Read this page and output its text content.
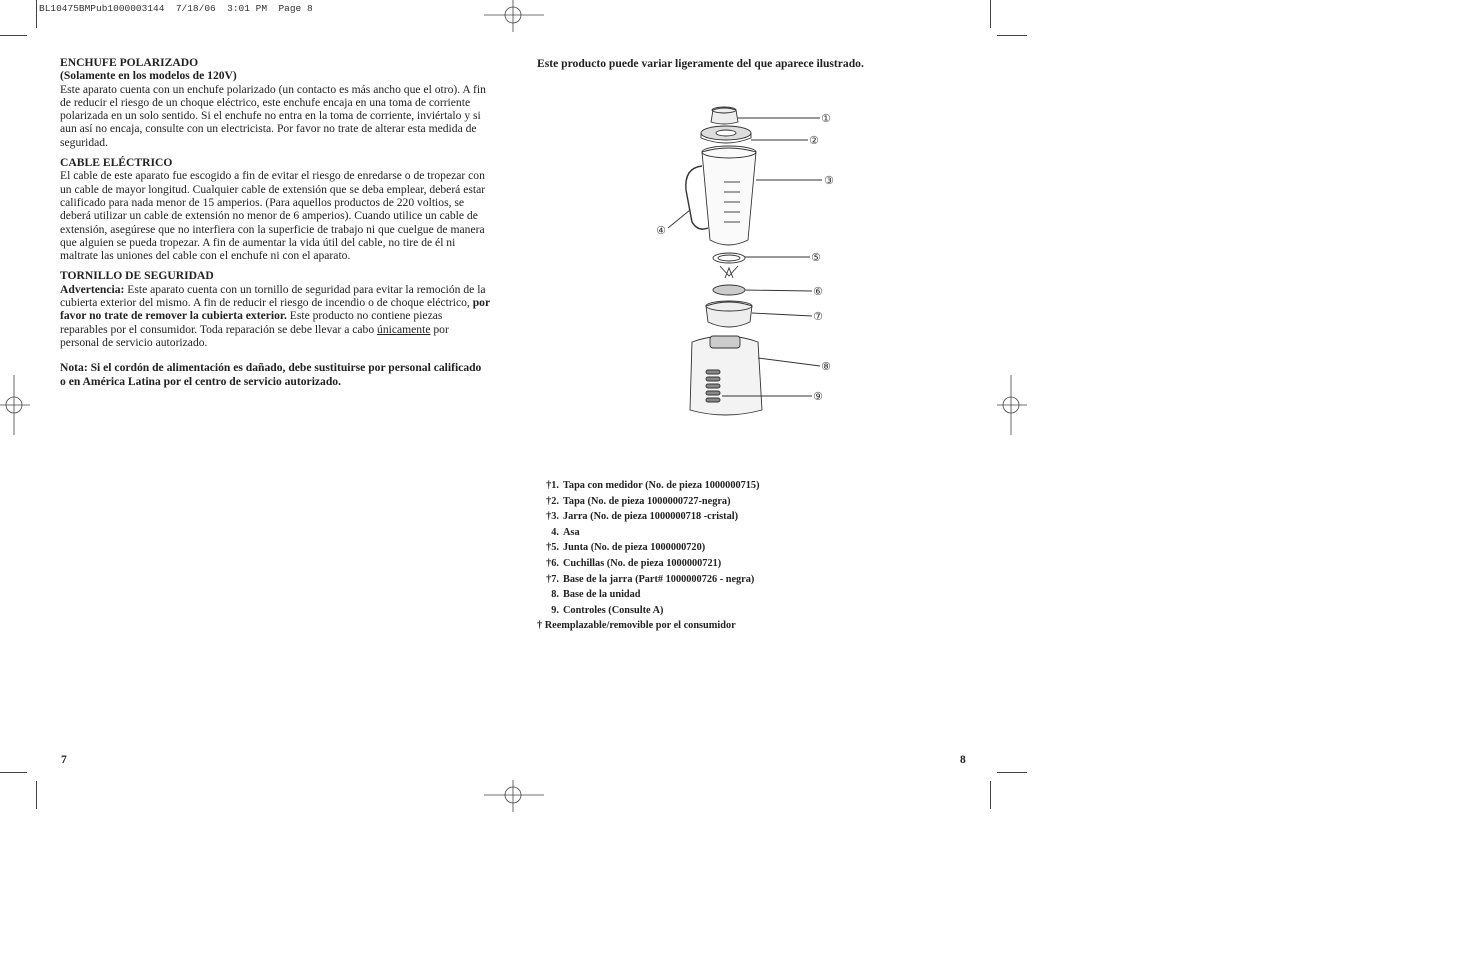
BL10475BMPub1000003144  7/18/06  3:01 PM  Page 8

ENCHUFE POLARIZADO
(Solamente en los modelos de 120V)
Este aparato cuenta con un enchufe polarizado (un contacto es más ancho que el otro). A fin de reducir el riesgo de un choque eléctrico, este enchufe encaja en una toma de corriente polarizada en un solo sentido. Si el enchufe no entra en la toma de corriente, inviértalo y si aun así no encaja, consulte con un electricista. Por favor no trate de alterar esta medida de seguridad.

CABLE ELÉCTRICO
El cable de este aparato fue escogido a fin de evitar el riesgo de enredarse o de tropezar con un cable de mayor longitud. Cualquier cable de extensión que se deba emplear, deberá estar calificado para nada menor de 15 amperios. (Para aquellos productos de 220 voltios, se deberá utilizar un cable de extensión no menor de 6 amperios). Cuando utilice un cable de extensión, asegúrese que no interfiera con la superficie de trabajo ni que cuelgue de manera que alguien se pueda tropezar. A fin de aumentar la vida útil del cable, no tire de él ni maltrate las uniones del cable con el enchufe ni con el aparato.

TORNILLO DE SEGURIDAD
Advertencia: Este aparato cuenta con un tornillo de seguridad para evitar la remoción de la cubierta exterior del mismo. A fin de reducir el riesgo de incendio o de choque eléctrico, por favor no trate de remover la cubierta exterior. Este producto no contiene piezas reparables por el consumidor. Toda reparación se debe llevar a cabo únicamente por personal de servicio autorizado.

Nota: Si el cordón de alimentación es dañado, debe sustituirse por personal calificado o en América Latina por el centro de servicio autorizado.

Este producto puede variar ligeramente del que aparece ilustrado.
①
②
③
④
⑤
⑥
⑦
⑧
⑨
†1. Tapa con medidor (No. de pieza 1000000715)
†2. Tapa (No. de pieza 1000000727-negra)
†3. Jarra (No. de pieza 1000000718 -cristal)
4. Asa
†5. Junta (No. de pieza 1000000720)
†6. Cuchillas (No. de pieza 1000000721)
†7. Base de la jarra (Part# 1000000726 - negra)
8. Base de la unidad
9. Controles (Consulte A)
† Reemplazable/removible por el consumidor
7	8
